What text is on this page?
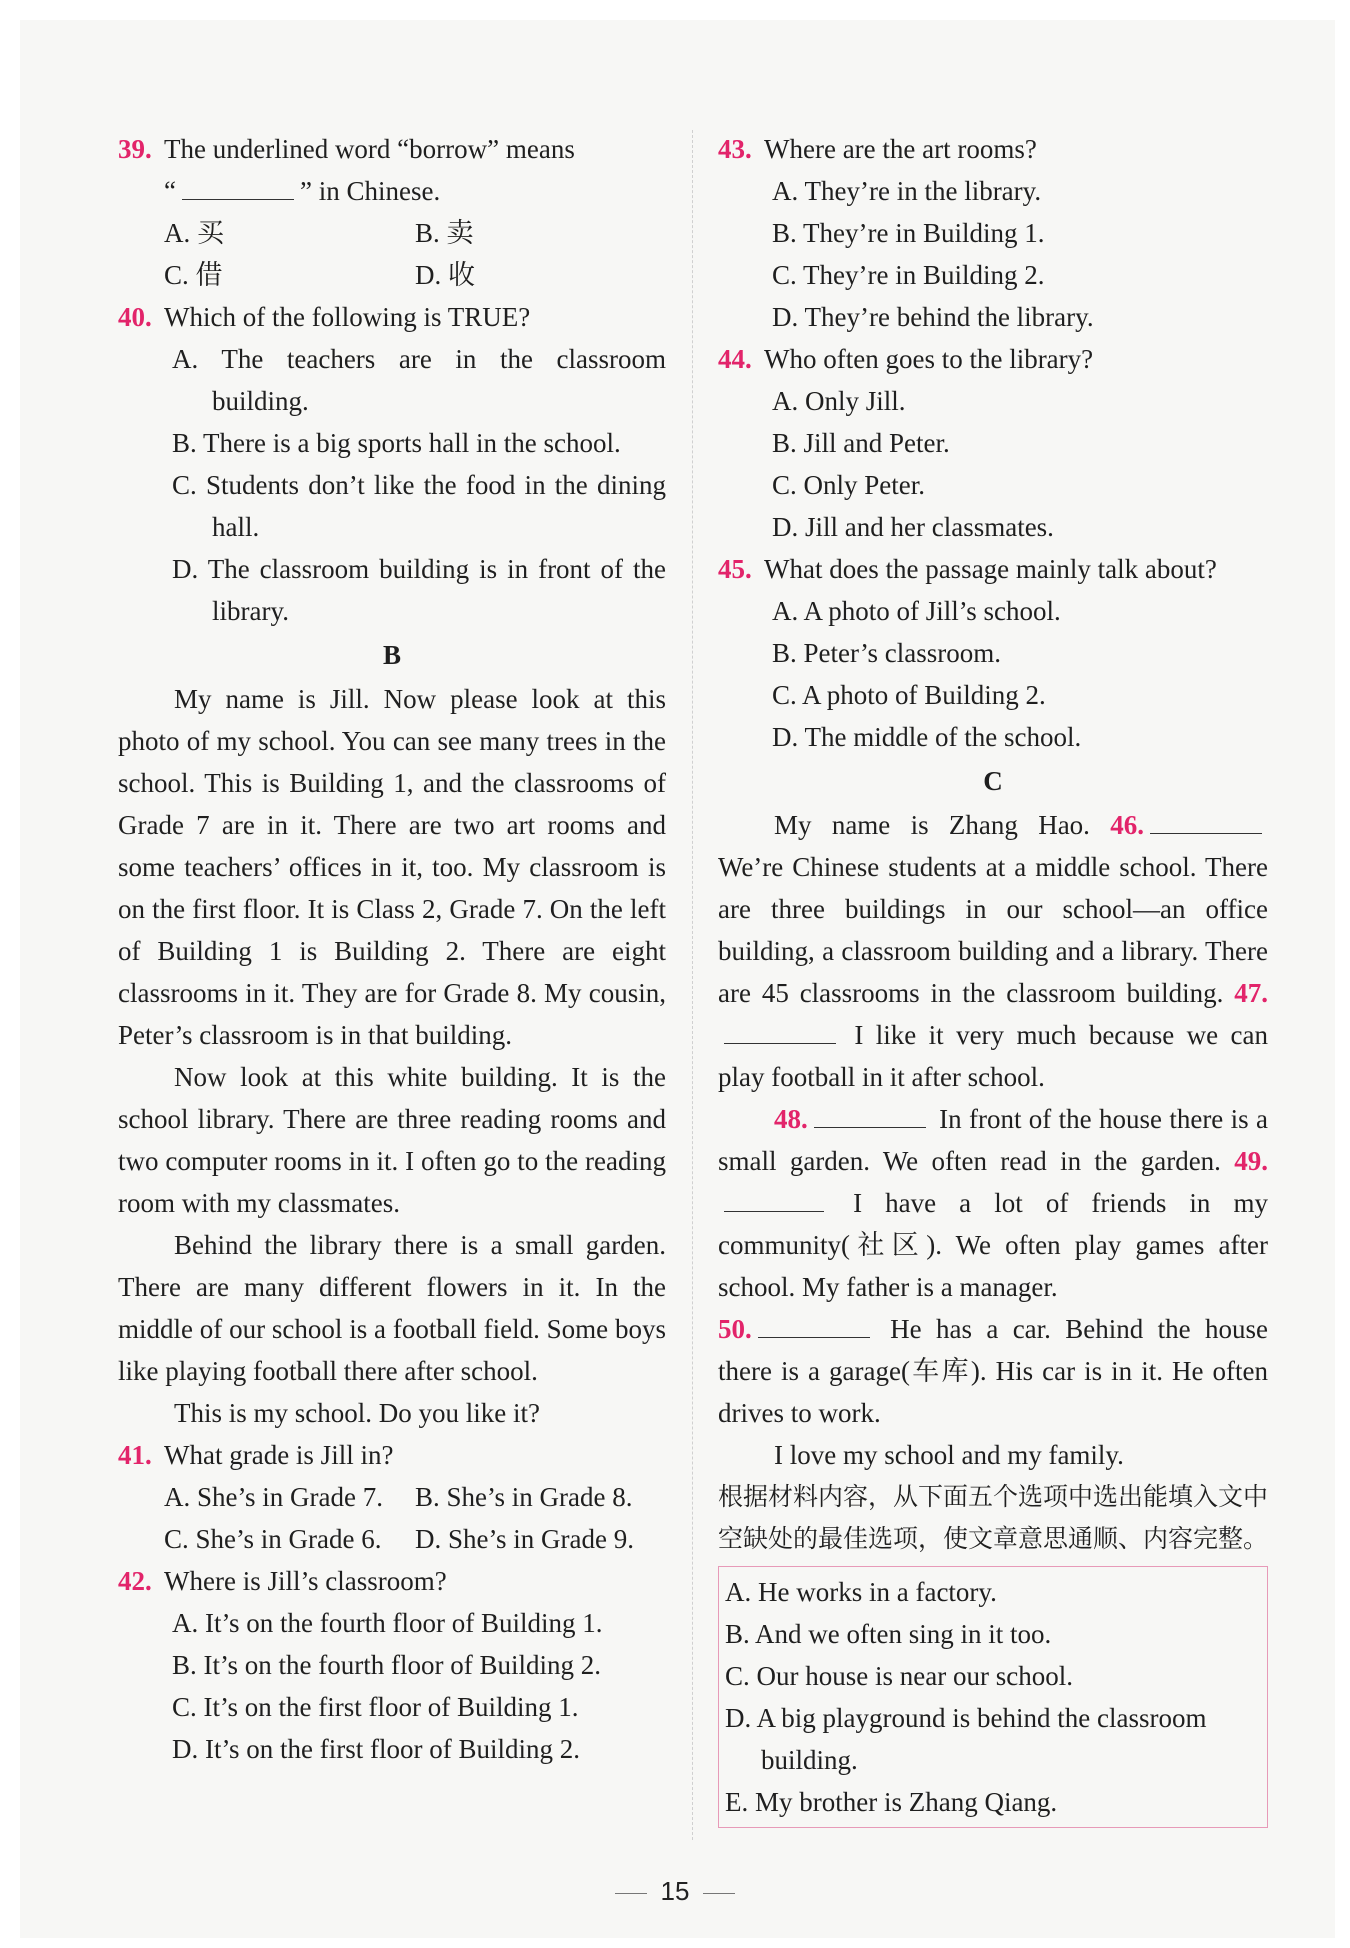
39. The underlined word “borrow” means
“	” in Chinese.
A. 买	B. 卖
C. 借	D. 收
40. Which of the following is TRUE?
A. The teachers are in the classroom building.
B. There is a big sports hall in the school.
C. Students don’t like the food in the dining hall.
D. The classroom building is in front of the library.
B

My name is Jill. Now please look at this photo of my school. You can see many trees in the school. This is Building 1, and the classrooms of Grade 7 are in it. There are two art rooms and some teachers’ offices in it, too. My classroom is on the first floor. It is Class 2, Grade 7. On the left of Building 1 is Building 2. There are eight classrooms in it. They are for Grade 8. My cousin, Peter’s classroom is in that building.

Now look at this white building. It is the school library. There are three reading rooms and two computer rooms in it. I often go to the reading room with my classmates.

Behind the library there is a small garden. There are many different flowers in it. In the middle of our school is a football field. Some boys like playing football there after school.

This is my school. Do you like it?

41. What grade is Jill in?
A. She’s in Grade 7.	B. She’s in Grade 8.
C. She’s in Grade 6.	D. She’s in Grade 9.
42. Where is Jill’s classroom?
A. It’s on the fourth floor of Building 1.
B. It’s on the fourth floor of Building 2.
C. It’s on the first floor of Building 1.
D. It’s on the first floor of Building 2.
43. Where are the art rooms?
A. They’re in the library.
B. They’re in Building 1.
C. They’re in Building 2.
D. They’re behind the library.
44. Who often goes to the library?
A. Only Jill.
B. Jill and Peter.
C. Only Peter.
D. Jill and her classmates.
45. What does the passage mainly talk about?
A. A photo of Jill’s school.
B. Peter’s classroom.
C. A photo of Building 2.
D. The middle of the school.
C

My name is Zhang Hao. 46. We’re Chinese students at a middle school. There are three buildings in our school—an office building, a classroom building and a library. There are 45 classrooms in the classroom building. 47. I like it very much because we can play football in it after school.

48.	In front of the house there is a small garden. We often read in the garden. 49. I have a lot of friends in my community(社区). We often play games after school. My father is a manager.

50.	He has a car. Behind the house there is a garage(车库). His car is in it. He often drives to work.

I love my school and my family.

根据材料内容，从下面五个选项中选出能填入文中空缺处的最佳选项，使文章意思通顺、内容完整。
A. He works in a factory.
B. And we often sing in it too.
C. Our house is near our school.
D. A big playground is behind the classroom building.
E. My brother is Zhang Qiang.
15
